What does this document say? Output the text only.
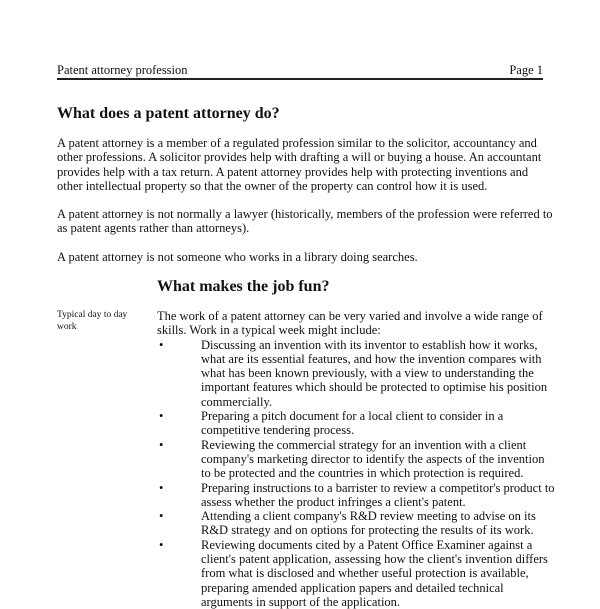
Patent attorney profession	Page 1
What does a patent attorney do?
A patent attorney is a member of a regulated profession similar to the solicitor, accountancy and
other professions. A solicitor provides help with drafting a will or buying a house. An accountant
provides help with a tax return. A patent attorney provides help with protecting inventions and
other intellectual property so that the owner of the property can control how it is used.
A patent attorney is not normally a lawyer (historically, members of the profession were referred to
as patent agents rather than attorneys).
A patent attorney is not someone who works in a library doing searches.
What makes the job fun?
Typical day to day work
The work of a patent attorney can be very varied and involve a wide range of
skills. Work in a typical week might include:
•	Discussing an invention with its inventor to establish how it works,
what are its essential features, and how the invention compares with
what has been known previously, with a view to understanding the
important features which should be protected to optimise his position
commercially.
•	Preparing a pitch document for a local client to consider in a
competitive tendering process.
•	Reviewing the commercial strategy for an invention with a client
company's marketing director to identify the aspects of the invention
to be protected and the countries in which protection is required.
•	Preparing instructions to a barrister to review a competitor's product to
assess whether the product infringes a client's patent.
•	Attending a client company's R&D review meeting to advise on its
R&D strategy and on options for protecting the results of its work.
•	Reviewing documents cited by a Patent Office Examiner against a
client's patent application, assessing how the client's invention differs
from what is disclosed and whether useful protection is available,
preparing amended application papers and detailed technical
arguments in support of the application.
